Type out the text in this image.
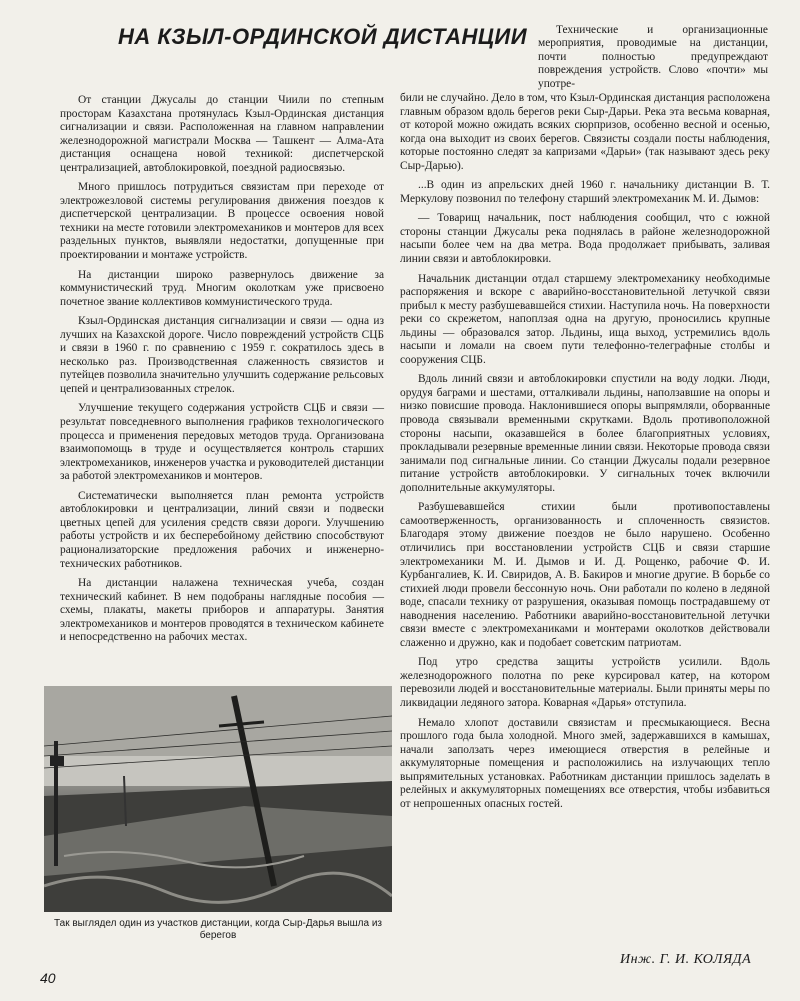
НА КЗЫЛ-ОРДИНСКОЙ ДИСТАНЦИИ	Технические и организационные мероприятия, проводимые на дистанции, почти полностью предупреждают повреждения устройств. Слово «почти» мы употре-

От станции Джусалы до станции Чиили по степным просторам Казахстана протянулась Кзыл-Ординская дистанция сигнализации и связи. Расположенная на главном направлении железнодорожной магистрали Москва — Ташкент — Алма-Ата дистанция оснащена новой техникой: диспетчерской централизацией, автоблокировкой, поездной радиосвязью.

Много пришлось потрудиться связистам при переходе от электрожезловой системы регулирования движения поездов к диспетчерской централизации. В процессе освоения новой техники на месте готовили электромехаников и монтеров для всех раздельных пунктов, выявляли недостатки, допущенные при проектировании и монтаже устройств.

На дистанции широко развернулось движение за коммунистический труд. Многим околоткам уже присвоено почетное звание коллективов коммунистического труда.

Кзыл-Ординская дистанция сигнализации и связи — одна из лучших на Казахской дороге. Число повреждений устройств СЦБ и связи в 1960 г. по сравнению с 1959 г. сократилось здесь в несколько раз. Производственная слаженность связистов и путейцев позволила значительно улучшить содержание рельсовых цепей и централизованных стрелок.

Улучшение текущего содержания устройств СЦБ и связи — результат повседневного выполнения графиков технологического процесса и применения передовых методов труда. Организована взаимопомощь в труде и осуществляется контроль старших электромехаников, инженеров участка и руководителей дистанции за работой электромехаников и монтеров.

Систематически выполняется план ремонта устройств автоблокировки и централизации, линий связи и подвески цветных цепей для усиления средств связи дороги. Улучшению работы устройств и их бесперебойному действию способствуют рационализаторские предложения рабочих и инженерно-технических работников.

На дистанции налажена техническая учеба, создан технический кабинет. В нем подобраны наглядные пособия — схемы, плакаты, макеты приборов и аппаратуры. Занятия электромехаников и монтеров проводятся в техническом кабинете и непосредственно на рабочих местах.

били не случайно. Дело в том, что Кзыл-Ординская дистанция расположена главным образом вдоль берегов реки Сыр-Дарьи. Река эта весьма коварная, от которой можно ожидать всяких сюрпризов, особенно весной и осенью, когда она выходит из своих берегов. Связисты создали посты наблюдения, которые постоянно следят за капризами «Дарьи» (так называют здесь реку Сыр-Дарью).

...В один из апрельских дней 1960 г. начальнику дистанции В. Т. Меркулову позвонил по телефону старший электромеханик М. И. Дымов:

— Товарищ начальник, пост наблюдения сообщил, что с южной стороны станции Джусалы река поднялась в районе железнодорожной насыпи более чем на два метра. Вода продолжает прибывать, заливая линии связи и автоблокировки.

Начальник дистанции отдал старшему электромеханику необходимые распоряжения и вскоре с аварийно-восстановительной летучкой связи прибыл к месту разбушевавшейся стихии. Наступила ночь. На поверхности реки со скрежетом, напоплзая одна на другую, проносились крупные льдины — образовался затор. Льдины, ища выход, устремились вдоль насыпи и ломали на своем пути телефонно-телеграфные столбы и сооружения СЦБ.

Вдоль линий связи и автоблокировки спустили на воду лодки. Люди, орудуя баграми и шестами, отталкивали льдины, наползавшие на опоры и низко повисшие провода. Наклонившиеся опоры выпрямляли, оборванные провода связывали временными скрутками. Вдоль противоположной стороны насыпи, оказавшейся в более благоприятных условиях, прокладывали резервные временные линии связи. Некоторые провода связи занимали под сигнальные линии. Со станции Джусалы подали резервное питание устройств автоблокировки. У сигнальных точек включили дополнительные аккумуляторы.

Разбушевавшейся стихии были противопоставлены самоотверженность, организованность и сплоченность связистов. Благодаря этому движение поездов не было нарушено. Особенно отличились при восстановлении устройств СЦБ и связи старшие электромеханики М. И. Дымов и И. Д. Рощенко, рабочие Ф. И. Курбангалиев, К. И. Свиридов, А. В. Бакиров и многие другие. В борьбе со стихией люди провели бессонную ночь. Они работали по колено в ледяной воде, спасали технику от разрушения, оказывая помощь пострадавшему от наводнения населению. Работники аварийно-восстановительной летучки связи вместе с электромеханиками и монтерами околотков действовали слаженно и дружно, как и подобает советским патриотам.

Под утро средства защиты устройств усилили. Вдоль железнодорожного полотна по реке курсировал катер, на котором перевозили людей и восстановительные материалы. Были приняты меры по ликвидации ледяного затора. Коварная «Дарья» отступила.

Немало хлопот доставили связистам и пресмыкающиеся. Весна прошлого года была холодной. Много змей, задержавшихся в камышах, начали заползать через имеющиеся отверстия в релейные и аккумуляторные помещения и расположились на излучающих тепло выпрямительных установках. Работникам дистанции пришлось заделать в релейных и аккумуляторных помещениях все отверстия, чтобы избавиться от непрошенных опасных гостей.

Так выглядел один из участков дистанции, когда Сыр-Дарья вышла из берегов
Инж. Г. И. КОЛЯДА
40
